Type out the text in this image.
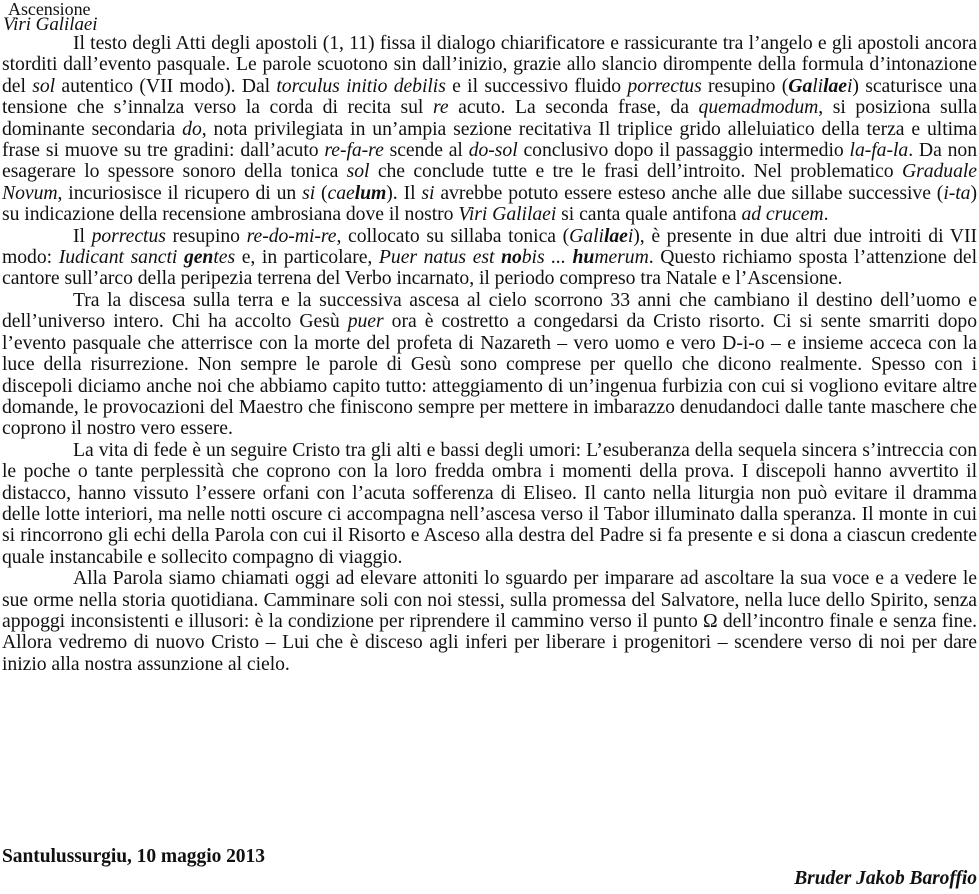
Ascensione
Viri Galilaei

Il testo degli Atti degli apostoli (1, 11) fissa il dialogo chiarificatore e rassicurante tra l’angelo e gli apostoli ancora storditi dall’evento pasquale. Le parole scuotono sin dall’inizio, grazie allo slancio dirompente della formula d’intonazione del sol autentico (VII modo). Dal torculus initio debilis e il successivo fluido porrectus resupino (Galilaei) scaturisce una tensione che s’innalza verso la corda di recita sul re acuto. La seconda frase, da quemadmodum, si posiziona sulla dominante secondaria do, nota privilegiata in un’ampia sezione recitativa Il triplice grido alleluiatico della terza e ultima frase si muove su tre gradini: dall’acuto re-fa-re scende al do-sol conclusivo dopo il passaggio intermedio la-fa-la. Da non esagerare lo spessore sonoro della tonica sol che conclude tutte e tre le frasi dell’introito. Nel problematico Graduale Novum, incuriosisce il ricupero di un si (caelum). Il si avrebbe potuto essere esteso anche alle due sillabe successive (i-ta) su indicazione della recensione ambrosiana dove il nostro Viri Galilaei si canta quale antifona ad crucem.

Il porrectus resupino re-do-mi-re, collocato su sillaba tonica (Galilaei), è presente in due altri due introiti di VII modo: Iudicant sancti gentes e, in particolare, Puer natus est nobis ... humerum. Questo richiamo sposta l’attenzione del cantore sull’arco della peripezia terrena del Verbo incarnato, il periodo compreso tra Natale e l’Ascensione.

Tra la discesa sulla terra e la successiva ascesa al cielo scorrono 33 anni che cambiano il destino dell’uomo e dell’universo intero. Chi ha accolto Gesù puer ora è costretto a congedarsi da Cristo risorto. Ci si sente smarriti dopo l’evento pasquale che atterrisce con la morte del profeta di Nazareth – vero uomo e vero D-i-o – e insieme acceca con la luce della risurrezione. Non sempre le parole di Gesù sono comprese per quello che dicono realmente. Spesso con i discepoli diciamo anche noi che abbiamo capito tutto: atteggiamento di un’ingenua furbizia con cui si vogliono evitare altre domande, le provocazioni del Maestro che finiscono sempre per mettere in imbarazzo denudandoci dalle tante maschere che coprono il nostro vero essere.

La vita di fede è un seguire Cristo tra gli alti e bassi degli umori: L’esuberanza della sequela sincera s’intreccia con le poche o tante perplessità che coprono con la loro fredda ombra i momenti della prova. I discepoli hanno avvertito il distacco, hanno vissuto l’essere orfani con l’acuta sofferenza di Eliseo. Il canto nella liturgia non può evitare il dramma delle lotte interiori, ma nelle notti oscure ci accompagna nell’ascesa verso il Tabor illuminato dalla speranza. Il monte in cui si rincorrono gli echi della Parola con cui il Risorto e Asceso alla destra del Padre si fa presente e si dona a ciascun credente quale instancabile e sollecito compagno di viaggio.

Alla Parola siamo chiamati oggi ad elevare attoniti lo sguardo per imparare ad ascoltare la sua voce e a vedere le sue orme nella storia quotidiana. Camminare soli con noi stessi, sulla promessa del Salvatore, nella luce dello Spirito, senza appoggi inconsistenti e illusori: è la condizione per riprendere il cammino verso il punto Ω dell’incontro finale e senza fine. Allora vedremo di nuovo Cristo – Lui che è disceso agli inferi per liberare i progenitori – scendere verso di noi per dare inizio alla nostra assunzione al cielo.

Santulussurgiu, 10 maggio 2013
Bruder Jakob Baroffio
